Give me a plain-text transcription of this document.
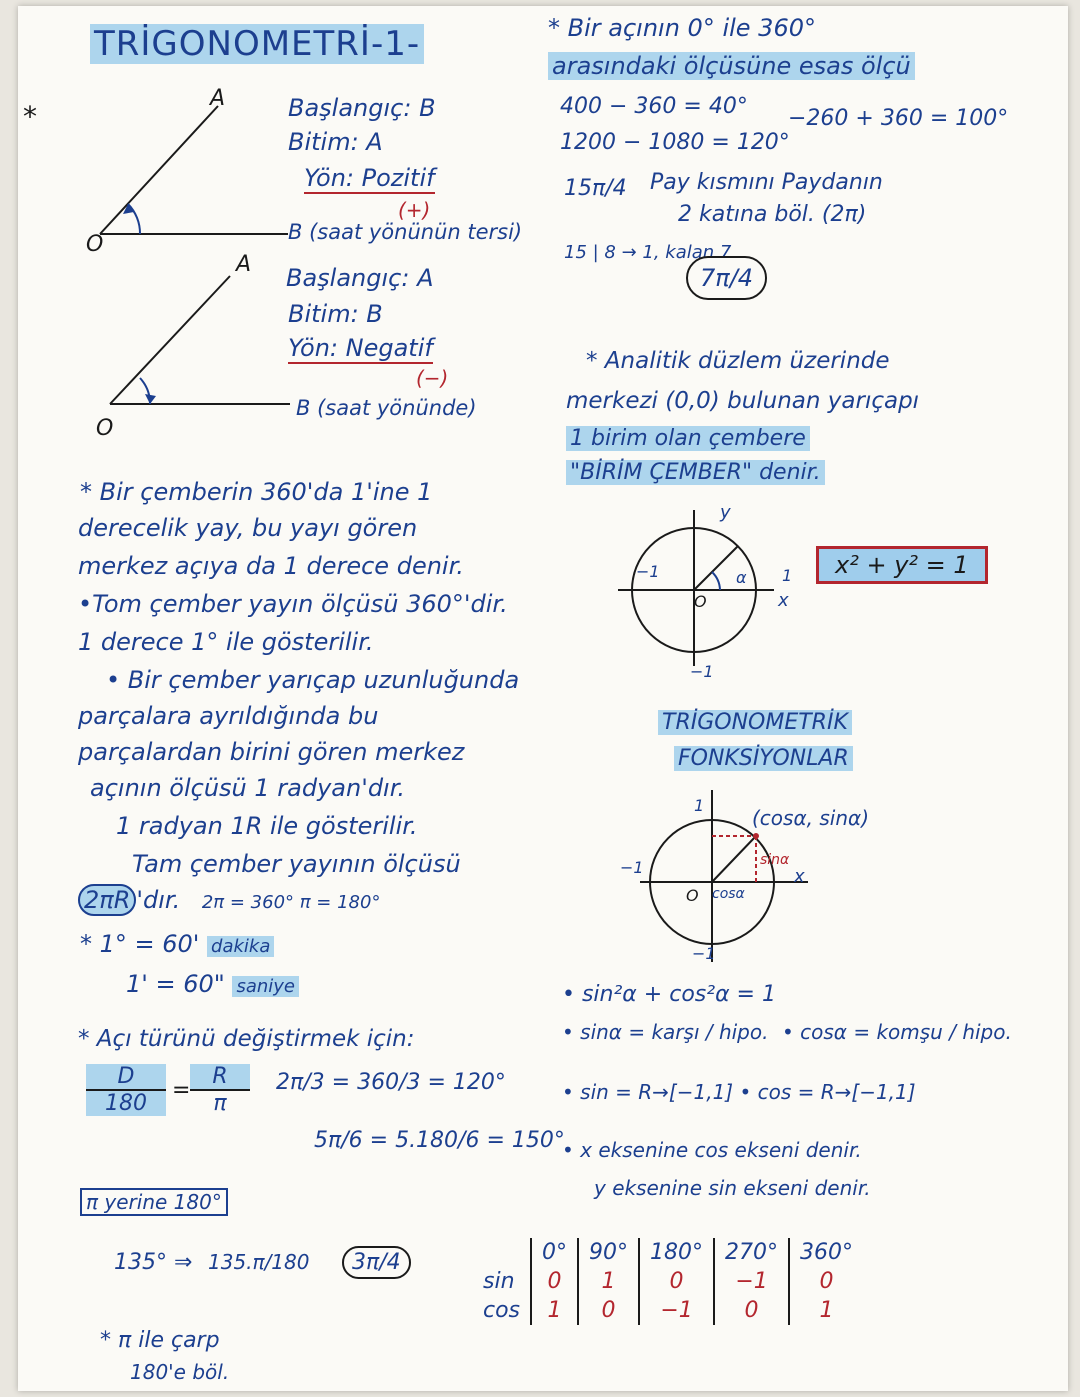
TRİGONOMETRİ-1-
*
O
A	Başlangıç: B
Bitim: A
Yön: Pozitif
(+)
B (saat yönünün tersi)
O
A Başlangıç: A
Bitim: B
Yön: Negatif
(−)
B (saat yönünde)
* Bir çemberin 360'da 1'ine 1
derecelik yay, bu yayı gören
merkez açıya da 1 derece denir.
•Tom çember yayın ölçüsü 360°'dir.
1 derece 1° ile gösterilir.
• Bir çember yarıçap uzunluğunda
parçalara ayrıldığında bu
parçalardan birini gören merkez
açının ölçüsü 1 radyan'dır.
1 radyan 1R ile gösterilir.
Tam çember yayının ölçüsü
2πR 'dır. 2π = 360° π = 180°
* 1° = 60' dakika
1' = 60" saniye
* Açı türünü değiştirmek için:
D
180
=
R
π
2π/3 = 360/3 = 120°
5π/6 = 5.180/6 = 150°
π yerine 180°
135° ⇒ 135.π/180	3π/4
* π ile çarp
180'e böl.
* Bir açının 0° ile 360°
arasındaki ölçüsüne esas ölçü
400 − 360 = 40° −260 + 360 = 100°
1200 − 1080 = 120°
15π/4 Pay kısmını Paydanın
2 katına böl. (2π)
15 | 8 → 1, kalan 7
7π/4
* Analitik düzlem üzerinde
merkezi (0,0) bulunan yarıçapı
1 birim olan çembere
"BİRİM ÇEMBER" denir.
y
x
1
−1
−1
O
α	x² + y² = 1
TRİGONOMETRİK
FONKSİYONLAR
(cosα, sinα)
sinα
cosα
x
O
1
−1
−1
• sin²α + cos²α = 1
• sinα = karşı / hipo. • cosα = komşu / hipo.
• sin = R→[−1,1] • cos = R→[−1,1]
• x eksenine cos ekseni denir.
y eksenine sin ekseni denir.
	0°	90°	180°	270°	360°
sin	0	1	0	−1	0
cos	1	0	−1	0	1
